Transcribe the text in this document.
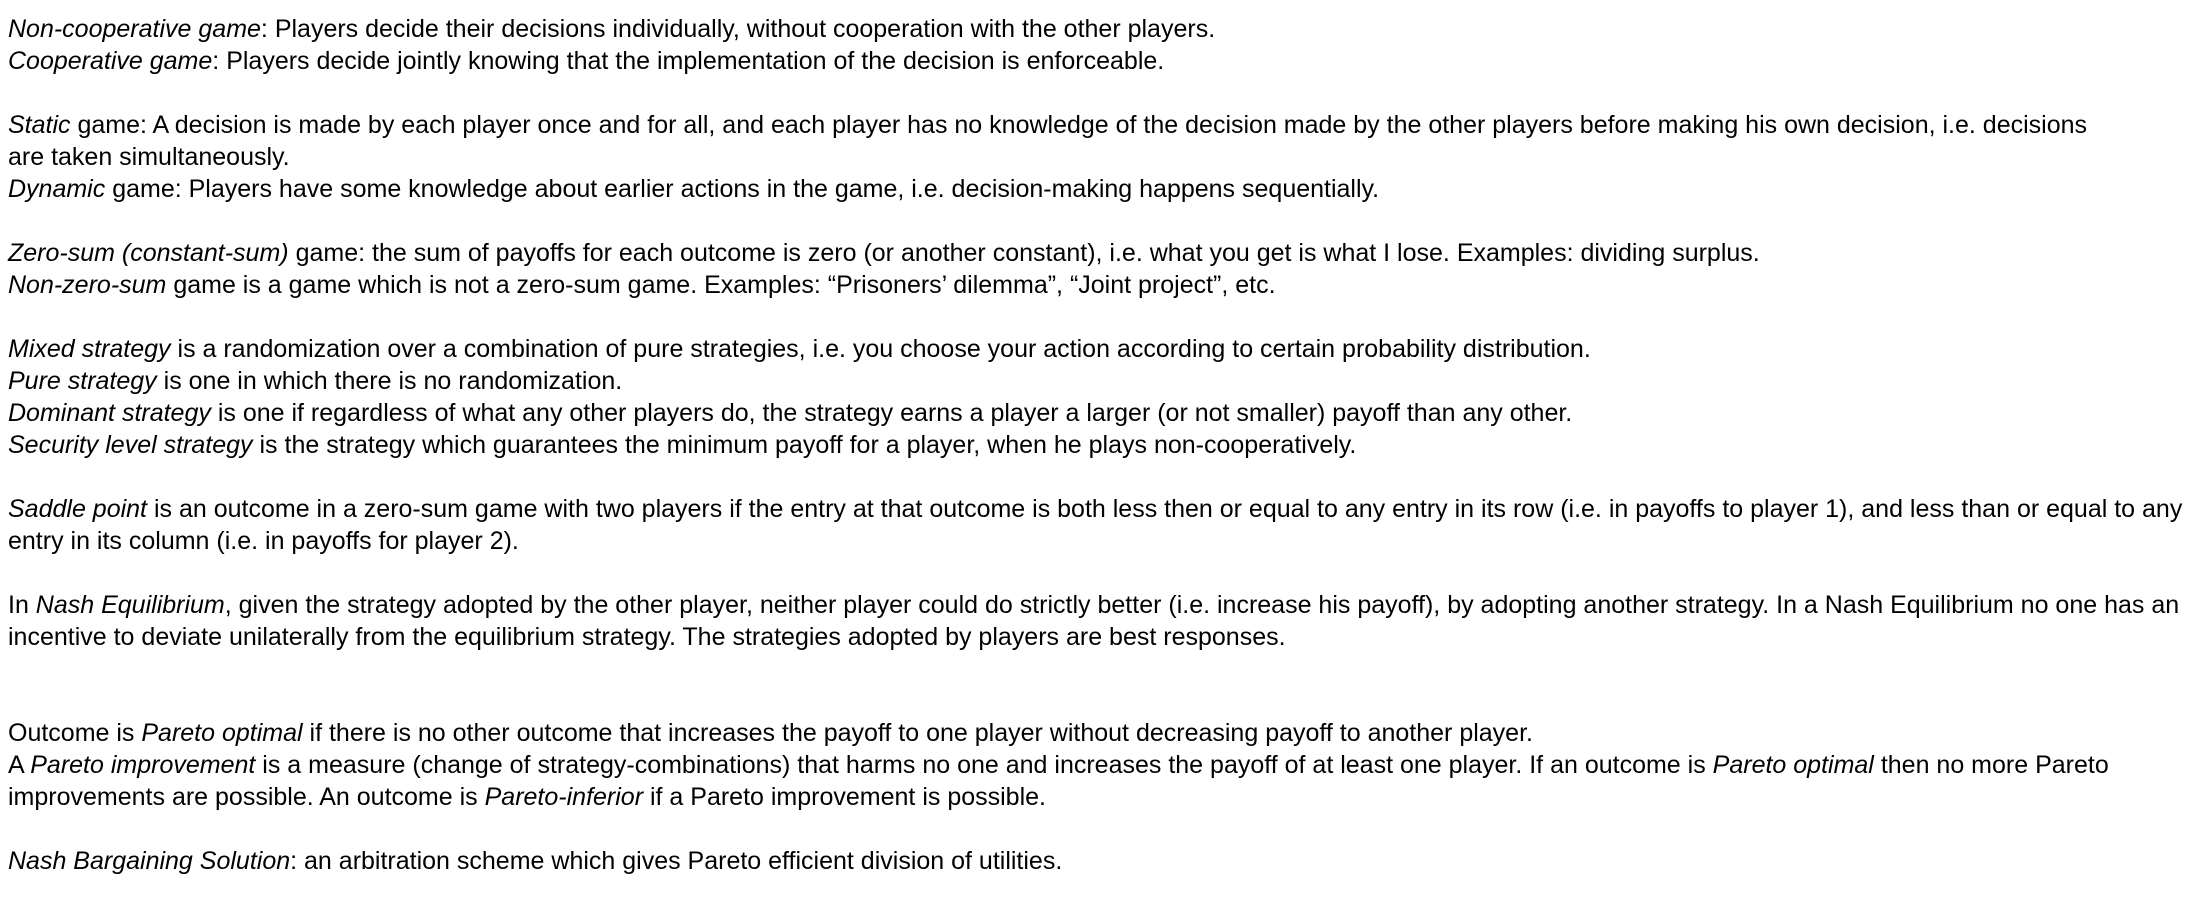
Non-cooperative game: Players decide their decisions individually, without cooperation with the other players.
Cooperative game: Players decide jointly knowing that the implementation of the decision is enforceable.
Static game: A decision is made by each player once and for all, and each player has no knowledge of the decision made by the other players before making his own decision, i.e. decisions are taken simultaneously.
Dynamic game: Players have some knowledge about earlier actions in the game, i.e. decision-making happens sequentially.
Zero-sum (constant-sum) game: the sum of payoffs for each outcome is zero (or another constant), i.e. what you get is what I lose. Examples: dividing surplus.
Non-zero-sum game is a game which is not a zero-sum game. Examples: “Prisoners’ dilemma”, “Joint project”, etc.
Mixed strategy is a randomization over a combination of pure strategies, i.e. you choose your action according to certain probability distribution.
Pure strategy is one in which there is no randomization.
Dominant strategy is one if regardless of what any other players do, the strategy earns a player a larger (or not smaller) payoff than any other.
Security level strategy is the strategy which guarantees the minimum payoff for a player, when he plays non-cooperatively.
Saddle point is an outcome in a zero-sum game with two players if the entry at that outcome is both less then or equal to any entry in its row (i.e. in payoffs to player 1), and less than or equal to any entry in its column (i.e. in payoffs for player 2).
In Nash Equilibrium, given the strategy adopted by the other player, neither player could do strictly better (i.e. increase his payoff), by adopting another strategy. In a Nash Equilibrium no one has an incentive to deviate unilaterally from the equilibrium strategy. The strategies adopted by players are best responses.
Outcome is Pareto optimal if there is no other outcome that increases the payoff to one player without decreasing payoff to another player.
A Pareto improvement is a measure (change of strategy-combinations) that harms no one and increases the payoff of at least one player. If an outcome is Pareto optimal then no more Pareto improvements are possible. An outcome is Pareto-inferior if a Pareto improvement is possible.
Nash Bargaining Solution: an arbitration scheme which gives Pareto efficient division of utilities.
